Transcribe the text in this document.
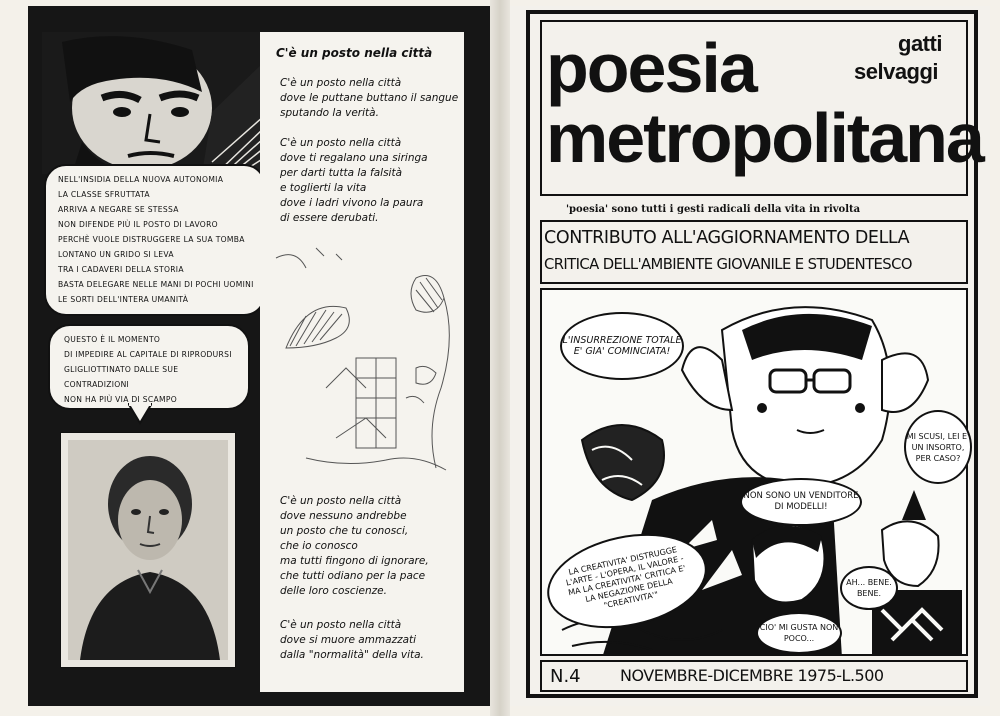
NELL'INSIDIA DELLA NUOVA AUTONOMIA
LA CLASSE SFRUTTATA
ARRIVA A NEGARE SE STESSA
NON DIFENDE PIÙ IL POSTO DI LAVORO
PERCHÈ VUOLE DISTRUGGERE LA SUA TOMBA
LONTANO UN GRIDO SI LEVA
TRA I CADAVERI DELLA STORIA
BASTA DELEGARE NELLE MANI DI POCHI UOMINI
LE SORTI DELL'INTERA UMANITÀ
QUESTO È IL MOMENTO
DI IMPEDIRE AL CAPITALE DI RIPRODURSI
GLIGLIOTTINATO DALLE SUE CONTRADIZIONI
NON HA PIÙ VIA DI SCAMPO
C'è un posto nella città
C'è un posto nella città
dove le puttane buttano il sangue
sputando la verità.
C'è un posto nella città
dove ti regalano una siringa
per darti tutta la falsità
e toglierti la vita
dove i ladri vivono la paura
di essere derubati.
C'è un posto nella città
dove nessuno andrebbe
un posto che tu conosci,
che io conosco
ma tutti fingono di ignorare,
che tutti odiano per la pace
delle loro coscienze.
C'è un posto nella città
dove si muore ammazzati
dalla "normalità" della vita.
poesia
metropolitana
gatti
selvaggi
'poesia' sono tutti i gesti radicali della vita in rivolta
CONTRIBUTO ALL'AGGIORNAMENTO DELLA
CRITICA DELL'AMBIENTE GIOVANILE E STUDENTESCO
L'INSURREZIONE TOTALE E' GIA' COMINCIATA!
MI SCUSI, LEI E' UN INSORTO, PER CASO?
NON SONO UN VENDITORE DI MODELLI!
LA CREATIVITA' DISTRUGGE L'ARTE - L'OPERA, IL VALORE - MA LA CREATIVITA' CRITICA E' LA NEGAZIONE DELLA "CREATIVITA'"
AH... BENE. BENE.
CIO' MI GUSTA NON POCO...
N.4 NOVEMBRE-DICEMBRE 1975-L.500
